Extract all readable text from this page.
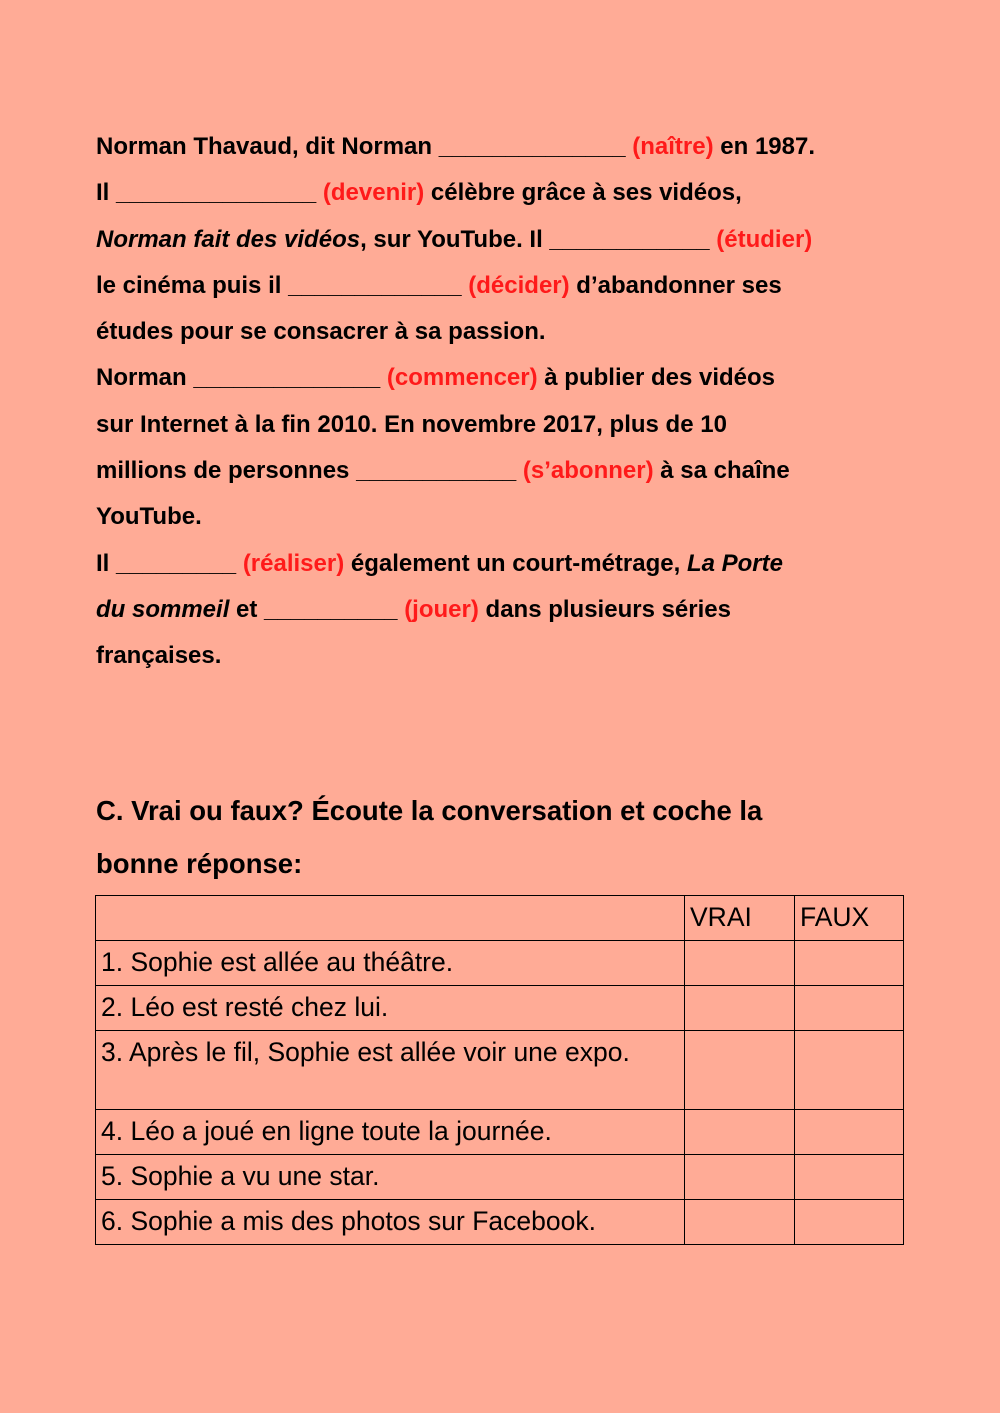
Norman Thavaud, dit Norman ______________ (naître) en 1987.

Il _______________ (devenir) célèbre grâce à ses vidéos,

Norman fait des vidéos, sur YouTube. Il ____________ (étudier)

le cinéma puis il _____________ (décider) d’abandonner ses

études pour se consacrer à sa passion.

Norman ______________ (commencer) à publier des vidéos

sur Internet à la fin 2010. En novembre 2017, plus de 10

millions de personnes ____________ (s’abonner) à sa chaîne

YouTube.

Il _________ (réaliser) également un court-métrage, La Porte

du sommeil et __________ (jouer) dans plusieurs séries

françaises.

C. Vrai ou faux? Écoute la conversation et coche la
bonne réponse:
	VRAI	FAUX
1. Sophie est allée au théâtre.		
2. Léo est resté chez lui.		
3. Après le fil, Sophie est allée voir une expo.		
4. Léo a joué en ligne toute la journée.		
5. Sophie a vu une star.		
6. Sophie a mis des photos sur Facebook.		
